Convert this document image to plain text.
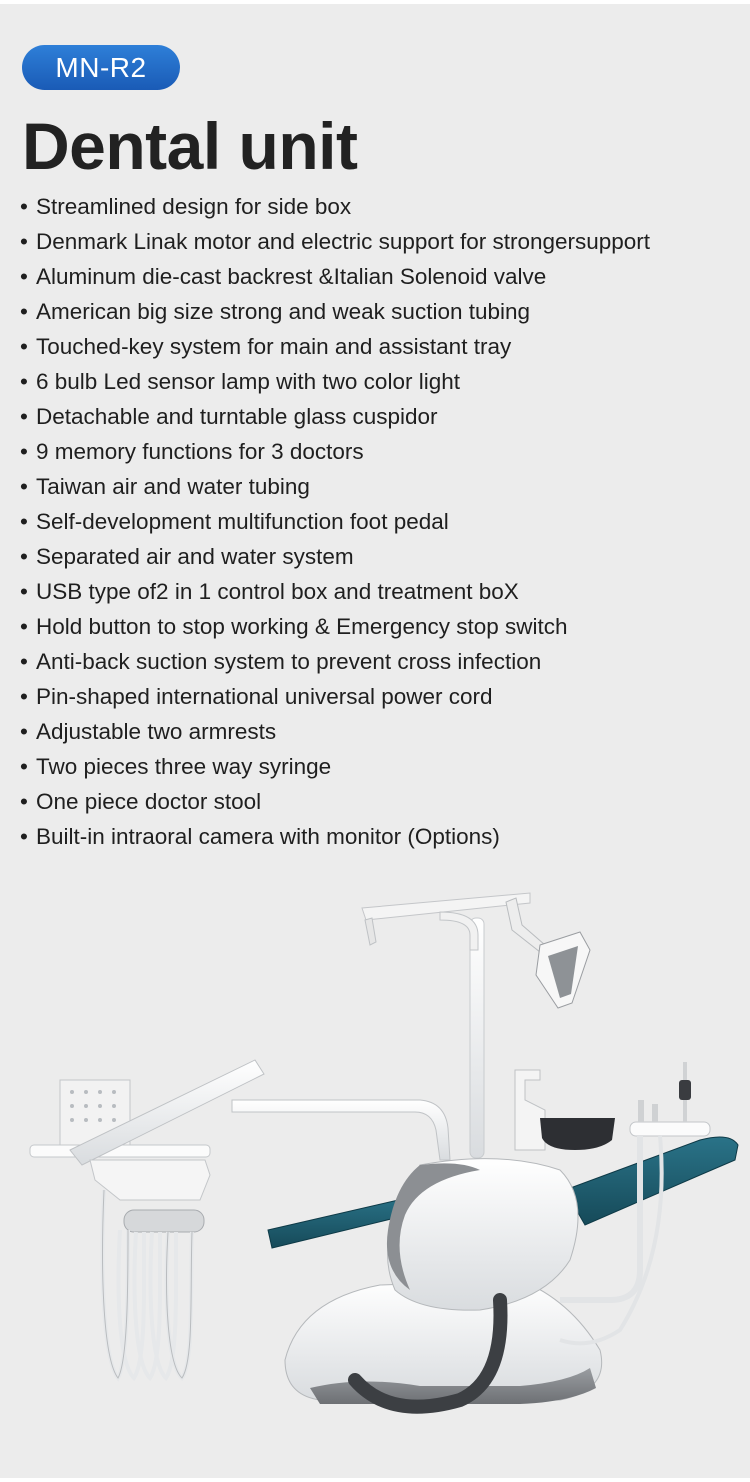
MN-R2
Dental unit
• Streamlined design for side box
• Denmark Linak motor and electric support for strongersupport
• Aluminum die-cast backrest &Italian Solenoid valve
• American big size strong and weak suction tubing
• Touched-key system for main and assistant tray
• 6 bulb Led sensor lamp with two color light
• Detachable and turntable glass cuspidor
• 9 memory functions for 3 doctors
• Taiwan air and water tubing
• Self-development multifunction foot pedal
• Separated air and water system
• USB type of2 in 1 control box and treatment boX
• Hold button to stop working & Emergency stop switch
• Anti-back suction system to prevent cross infection
• Pin-shaped international universal power cord
• Adjustable two armrests
• Two pieces three way syringe
• One piece doctor stool
• Built-in intraoral camera with monitor (Options)
